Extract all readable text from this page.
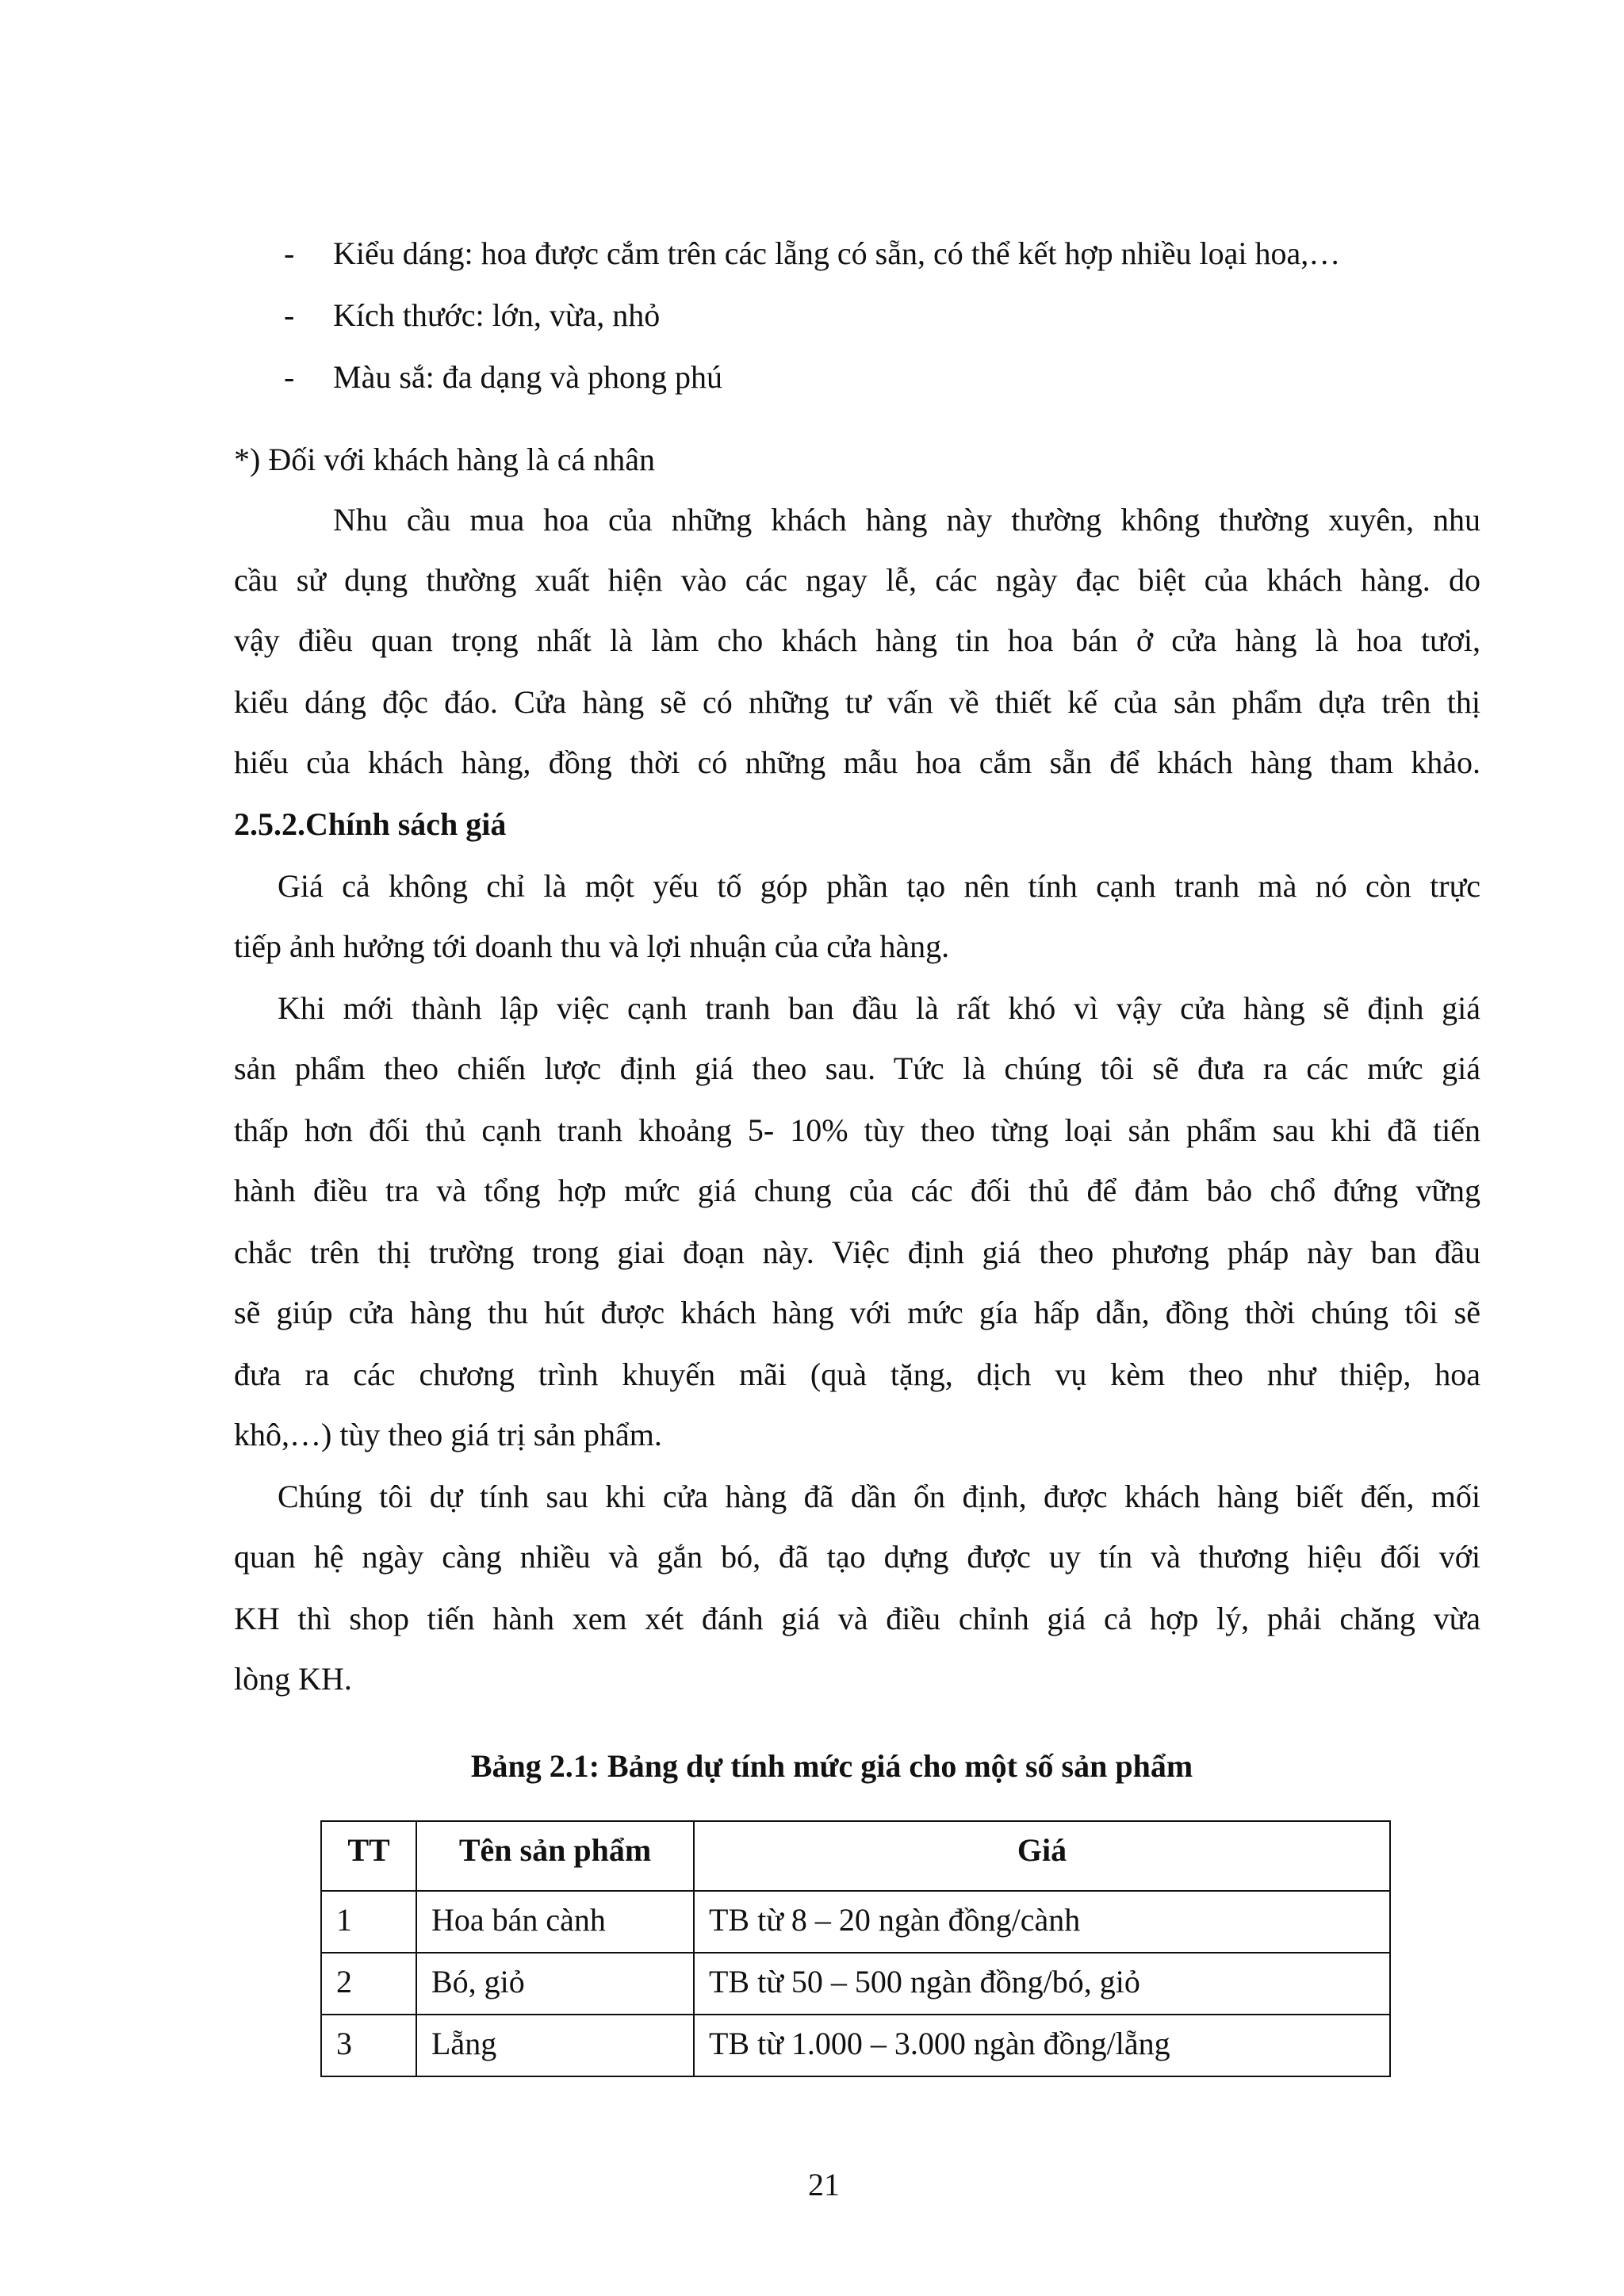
- Kiểu dáng: hoa được cắm trên các lẵng có sẵn, có thể kết hợp nhiều loại hoa,…
- Kích thước: lớn, vừa, nhỏ
- Màu sắ: đa dạng và phong phú
*) Đối với khách hàng là cá nhân
Nhu cầu mua hoa của những khách hàng này thường không thường xuyên, nhu
cầu sử dụng thường xuất hiện vào các ngay lễ, các ngày đạc biệt của khách hàng. do
vậy điều quan trọng nhất là làm cho khách hàng tin hoa bán ở cửa hàng là hoa tươi,
kiểu dáng độc đáo. Cửa hàng sẽ có những tư vấn về thiết kế của sản phẩm dựa trên thị
hiếu của khách hàng, đồng thời có những mẫu hoa cắm sẵn để khách hàng tham khảo.
2.5.2.Chính sách giá
Giá cả không chỉ là một yếu tố góp phần tạo nên tính cạnh tranh mà nó còn trực
tiếp ảnh hưởng tới doanh thu và lợi nhuận của cửa hàng.
Khi mới thành lập việc cạnh tranh ban đầu là rất khó vì vậy cửa hàng sẽ định giá
sản phẩm theo chiến lược định giá theo sau. Tức là chúng tôi sẽ đưa ra các mức giá
thấp hơn đối thủ cạnh tranh khoảng 5- 10% tùy theo từng loại sản phẩm sau khi đã tiến
hành điều tra và tổng hợp mức giá chung của các đối thủ để đảm bảo chổ đứng vững
chắc trên thị trường trong giai đoạn này. Việc định giá theo phương pháp này ban đầu
sẽ giúp cửa hàng thu hút được khách hàng với mức gía hấp dẫn, đồng thời chúng tôi sẽ
đưa ra các chương trình khuyến mãi (quà tặng, dịch vụ kèm theo như thiệp, hoa
khô,…) tùy theo giá trị sản phẩm.
Chúng tôi dự tính sau khi cửa hàng đã dần ổn định, được khách hàng biết đến, mối
quan hệ ngày càng nhiều và gắn bó, đã tạo dựng được uy tín và thương hiệu đối với
KH thì shop tiến hành xem xét đánh giá và điều chỉnh giá cả hợp lý, phải chăng vừa
lòng KH.
Bảng 2.1: Bảng dự tính mức giá cho một số sản phẩm
TT	Tên sản phẩm	Giá
1	Hoa bán cành	TB từ 8 – 20 ngàn đồng/cành
2	Bó, giỏ	TB từ 50 – 500 ngàn đồng/bó, giỏ
3	Lẵng	TB từ 1.000 – 3.000 ngàn đồng/lẵng
21
